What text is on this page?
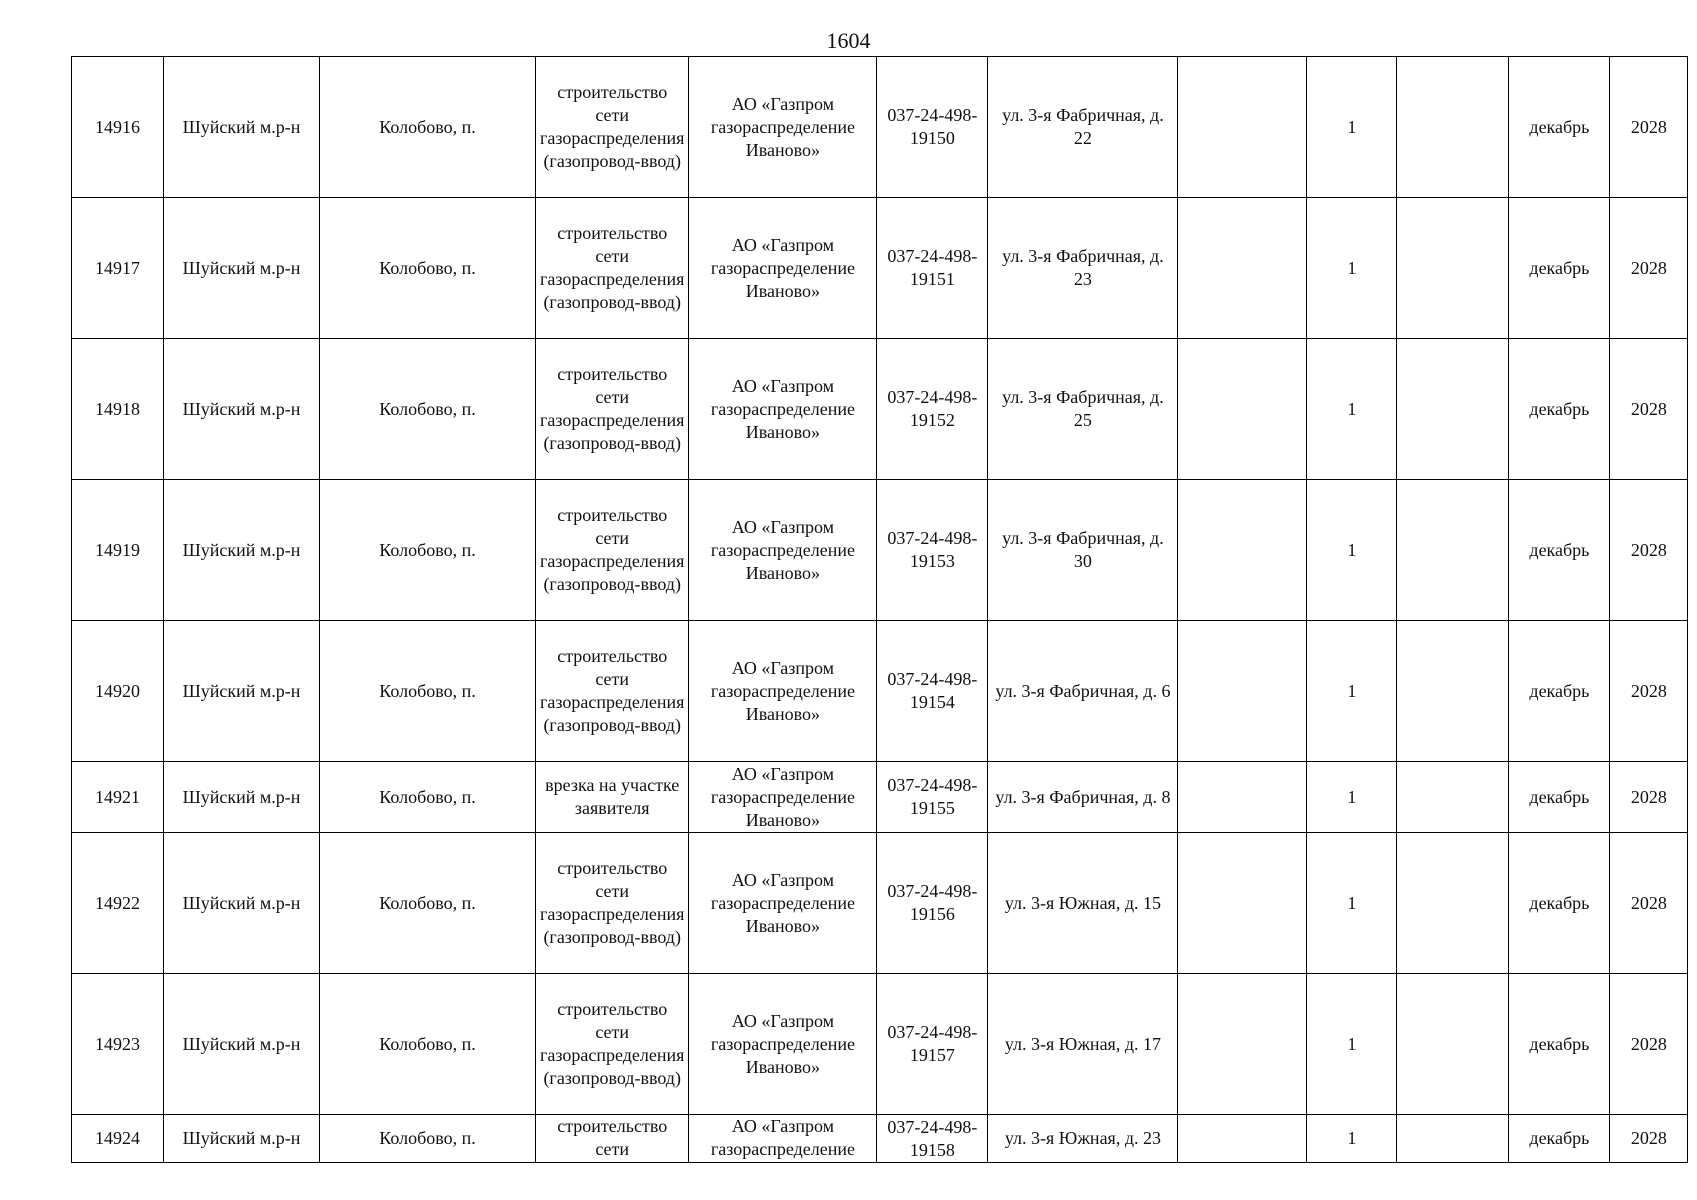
1604
14916	Шуйский м.р-н	Колобово, п.	строительство сети газораспределения (газопровод-ввод)	АО «Газпром газораспределение Иваново»	037-24-498-19150	ул. 3-я Фабричная, д. 22		1		декабрь	2028

14917	Шуйский м.р-н	Колобово, п.	строительство сети газораспределения (газопровод-ввод)	АО «Газпром газораспределение Иваново»	037-24-498-19151	ул. 3-я Фабричная, д. 23		1		декабрь	2028

14918	Шуйский м.р-н	Колобово, п.	строительство сети газораспределения (газопровод-ввод)	АО «Газпром газораспределение Иваново»	037-24-498-19152	ул. 3-я Фабричная, д. 25		1		декабрь	2028

14919	Шуйский м.р-н	Колобово, п.	строительство сети газораспределения (газопровод-ввод)	АО «Газпром газораспределение Иваново»	037-24-498-19153	ул. 3-я Фабричная, д. 30		1		декабрь	2028

14920	Шуйский м.р-н	Колобово, п.	строительство сети газораспределения (газопровод-ввод)	АО «Газпром газораспределение Иваново»	037-24-498-19154	ул. 3-я Фабричная, д. 6		1		декабрь	2028

14921	Шуйский м.р-н	Колобово, п.	врезка на участке заявителя	АО «Газпром газораспределение Иваново»	037-24-498-19155	ул. 3-я Фабричная, д. 8		1		декабрь	2028

14922	Шуйский м.р-н	Колобово, п.	строительство сети газораспределения (газопровод-ввод)	АО «Газпром газораспределение Иваново»	037-24-498-19156	ул. 3-я Южная, д. 15		1		декабрь	2028

14923	Шуйский м.р-н	Колобово, п.	строительство сети газораспределения (газопровод-ввод)	АО «Газпром газораспределение Иваново»	037-24-498-19157	ул. 3-я Южная, д. 17		1		декабрь	2028

14924	Шуйский м.р-н	Колобово, п.	строительство сети	АО «Газпром газораспределение	037-24-498-19158	ул. 3-я Южная, д. 23		1		декабрь	2028
